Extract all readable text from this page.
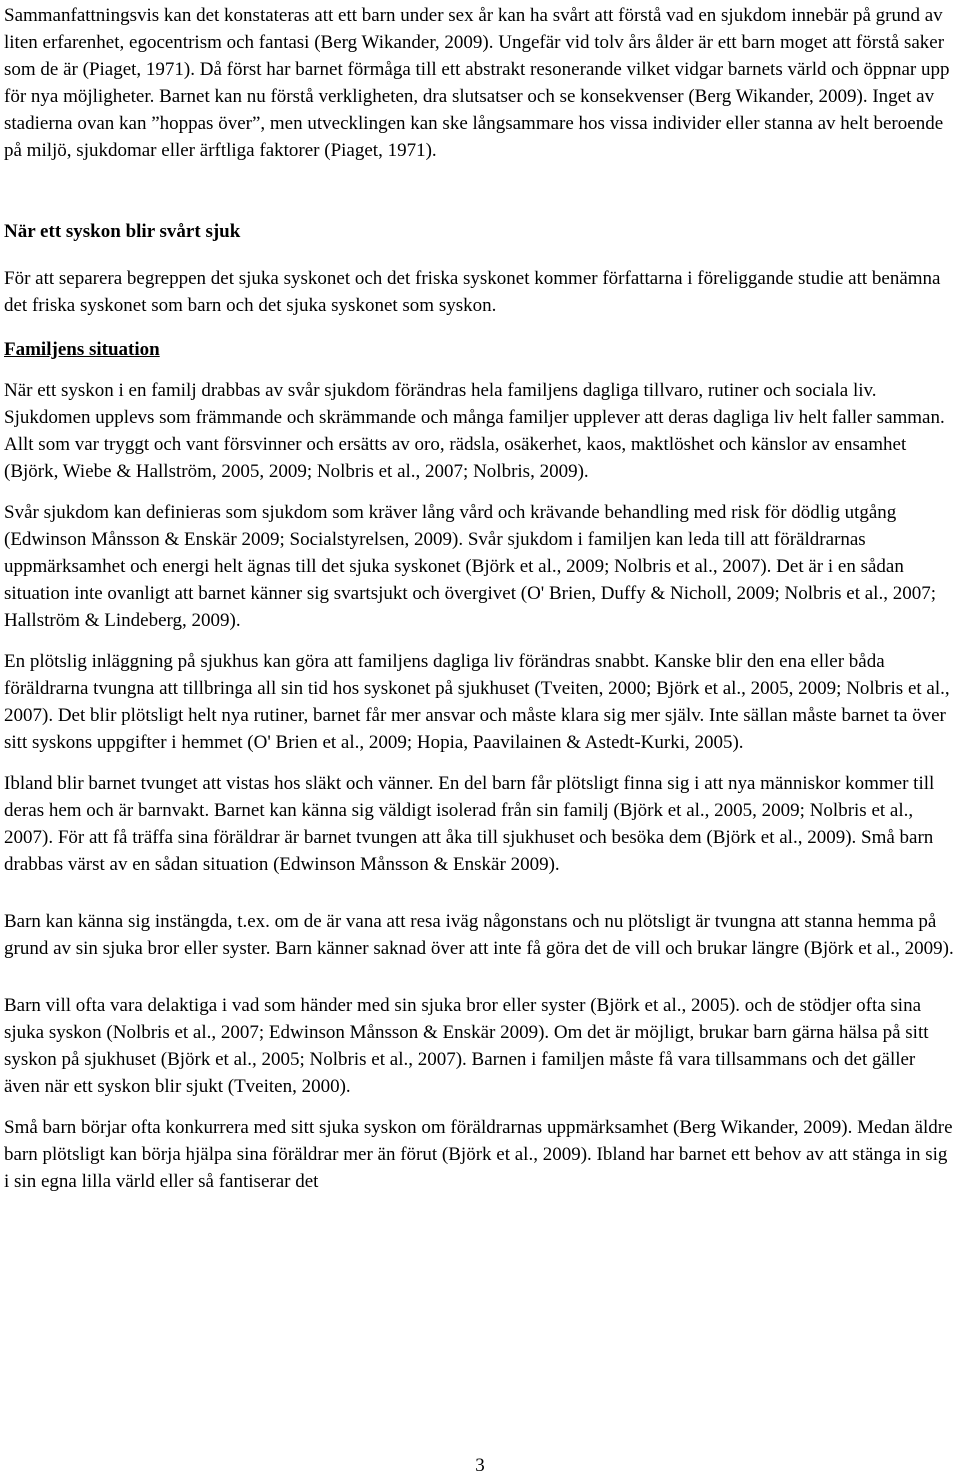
Sammanfattningsvis kan det konstateras att ett barn under sex år kan ha svårt att förstå vad en sjukdom innebär på grund av liten erfarenhet, egocentrism och fantasi (Berg Wikander, 2009). Ungefär vid tolv års ålder är ett barn moget att förstå saker som de är (Piaget, 1971). Då först har barnet förmåga till ett abstrakt resonerande vilket vidgar barnets värld och öppnar upp för nya möjligheter. Barnet kan nu förstå verkligheten, dra slutsatser och se konsekvenser (Berg Wikander, 2009). Inget av stadierna ovan kan ”hoppas över”, men utvecklingen kan ske långsammare hos vissa individer eller stanna av helt beroende på miljö, sjukdomar eller ärftliga faktorer (Piaget, 1971).

När ett syskon blir svårt sjuk

För att separera begreppen det sjuka syskonet och det friska syskonet kommer författarna i föreliggande studie att benämna det friska syskonet som barn och det sjuka syskonet som syskon.

Familjens situation

När ett syskon i en familj drabbas av svår sjukdom förändras hela familjens dagliga tillvaro, rutiner och sociala liv. Sjukdomen upplevs som främmande och skrämmande och många familjer upplever att deras dagliga liv helt faller samman. Allt som var tryggt och vant försvinner och ersätts av oro, rädsla, osäkerhet, kaos, maktlöshet och känslor av ensamhet (Björk, Wiebe & Hallström, 2005, 2009; Nolbris et al., 2007; Nolbris, 2009).

Svår sjukdom kan definieras som sjukdom som kräver lång vård och krävande behandling med risk för dödlig utgång (Edwinson Månsson & Enskär 2009; Socialstyrelsen, 2009). Svår sjukdom i familjen kan leda till att föräldrarnas uppmärksamhet och energi helt ägnas till det sjuka syskonet (Björk et al., 2009; Nolbris et al., 2007). Det är i en sådan situation inte ovanligt att barnet känner sig svartsjukt och övergivet (O' Brien, Duffy & Nicholl, 2009; Nolbris et al., 2007; Hallström & Lindeberg, 2009).

En plötslig inläggning på sjukhus kan göra att familjens dagliga liv förändras snabbt. Kanske blir den ena eller båda föräldrarna tvungna att tillbringa all sin tid hos syskonet på sjukhuset (Tveiten, 2000; Björk et al., 2005, 2009; Nolbris et al., 2007). Det blir plötsligt helt nya rutiner, barnet får mer ansvar och måste klara sig mer själv. Inte sällan måste barnet ta över sitt syskons uppgifter i hemmet (O' Brien et al., 2009; Hopia, Paavilainen & Astedt-Kurki, 2005).

Ibland blir barnet tvunget att vistas hos släkt och vänner. En del barn får plötsligt finna sig i att nya människor kommer till deras hem och är barnvakt. Barnet kan känna sig väldigt isolerad från sin familj (Björk et al., 2005, 2009; Nolbris et al., 2007). För att få träffa sina föräldrar är barnet tvungen att åka till sjukhuset och besöka dem (Björk et al., 2009). Små barn drabbas värst av en sådan situation (Edwinson Månsson & Enskär 2009).

Barn kan känna sig instängda, t.ex. om de är vana att resa iväg någonstans och nu plötsligt är tvungna att stanna hemma på grund av sin sjuka bror eller syster. Barn känner saknad över att inte få göra det de vill och brukar längre (Björk et al., 2009).

Barn vill ofta vara delaktiga i vad som händer med sin sjuka bror eller syster (Björk et al., 2005). och de stödjer ofta sina sjuka syskon (Nolbris et al., 2007; Edwinson Månsson & Enskär 2009). Om det är möjligt, brukar barn gärna hälsa på sitt syskon på sjukhuset (Björk et al., 2005; Nolbris et al., 2007). Barnen i familjen måste få vara tillsammans och det gäller även när ett syskon blir sjukt (Tveiten, 2000).

Små barn börjar ofta konkurrera med sitt sjuka syskon om föräldrarnas uppmärksamhet (Berg Wikander, 2009). Medan äldre barn plötsligt kan börja hjälpa sina föräldrar mer än förut (Björk et al., 2009). Ibland har barnet ett behov av att stänga in sig i sin egna lilla värld eller så fantiserar det

3
